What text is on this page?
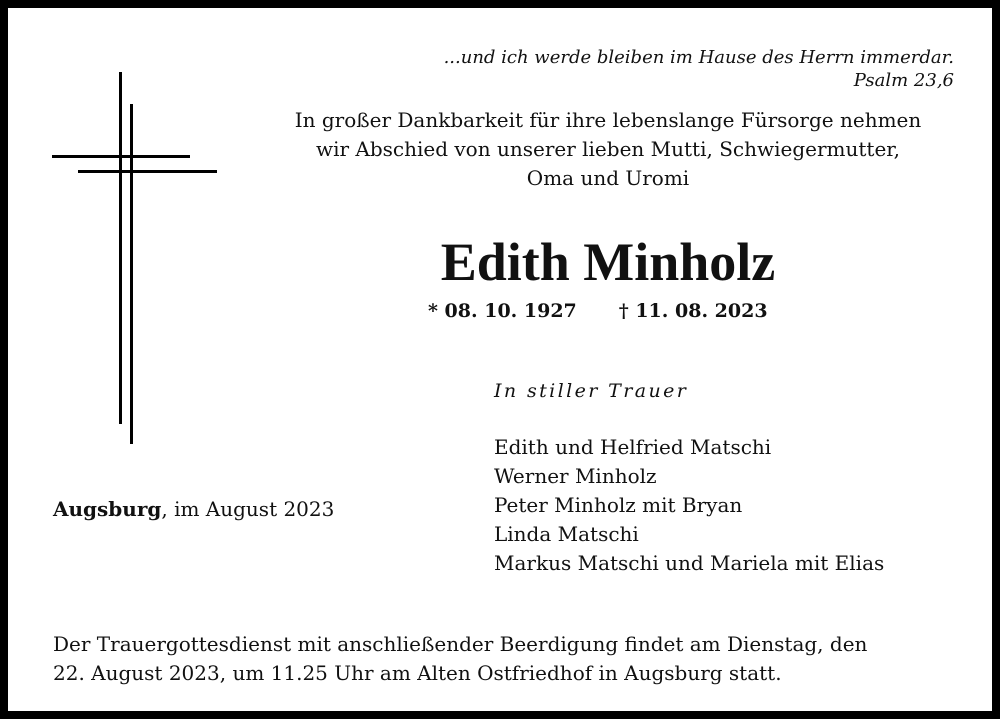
...und ich werde bleiben im Hause des Herrn immerdar.
Psalm 23,6
In großer Dankbarkeit für ihre lebenslange Fürsorge nehmen
wir Abschied von unserer lieben Mutti, Schwiegermutter,
Oma und Uromi
Edith Minholz
* 08. 10. 1927 † 11. 08. 2023
In stiller Trauer
Edith und Helfried Matschi
Werner Minholz
Peter Minholz mit Bryan
Linda Matschi
Markus Matschi und Mariela mit Elias
Augsburg, im August 2023
Der Trauergottesdienst mit anschließender Beerdigung findet am Dienstag, den
22. August 2023, um 11.25 Uhr am Alten Ostfriedhof in Augsburg statt.
